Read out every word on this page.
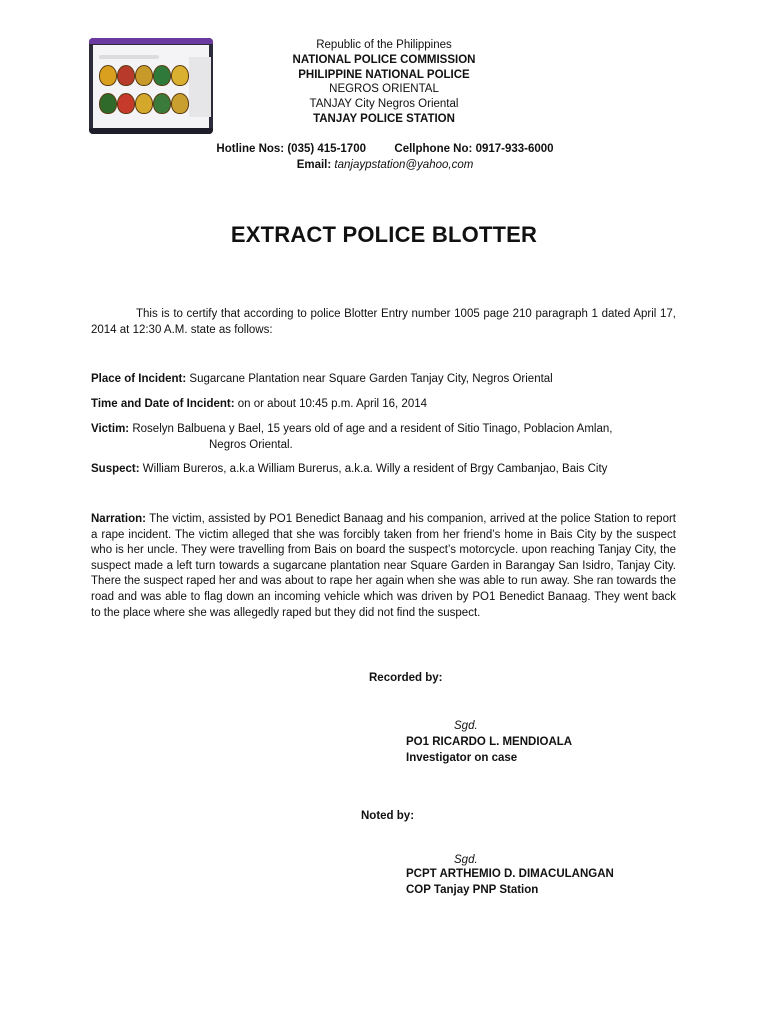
Republic of the Philippines
NATIONAL POLICE COMMISSION
PHILIPPINE NATIONAL POLICE
NEGROS ORIENTAL
TANJAY City Negros Oriental
TANJAY POLICE STATION
Hotline Nos: (035) 415-1700 Cellphone No: 0917-933-6000
Email: tanjaypstation@yahoo,com
EXTRACT POLICE BLOTTER
This is to certify that according to police Blotter Entry number 1005 page 210 paragraph 1 dated April 17, 2014 at 12:30 A.M. state as follows:
Place of Incident: Sugarcane Plantation near Square Garden Tanjay City, Negros Oriental
Time and Date of Incident: on or about 10:45 p.m. April 16, 2014
Victim: Roselyn Balbuena y Bael, 15 years old of age and a resident of Sitio Tinago, Poblacion Amlan,
Negros Oriental.
Suspect: William Bureros, a.k.a William Burerus, a.k.a. Willy a resident of Brgy Cambanjao, Bais City
Narration: The victim, assisted by PO1 Benedict Banaag and his companion, arrived at the police Station to report a rape incident. The victim alleged that she was forcibly taken from her friend’s home in Bais City by the suspect who is her uncle. They were travelling from Bais on board the suspect’s motorcycle. upon reaching Tanjay City, the suspect made a left turn towards a sugarcane plantation near Square Garden in Barangay San Isidro, Tanjay City. There the suspect raped her and was about to rape her again when she was able to run away. She ran towards the road and was able to flag down an incoming vehicle which was driven by PO1 Benedict Banaag. They went back to the place where she was allegedly raped but they did not find the suspect.
Recorded by:
Sgd.
PO1 RICARDO L. MENDIOALA
Investigator on case
Noted by:
Sgd.
PCPT ARTHEMIO D. DIMACULANGAN
COP Tanjay PNP Station
